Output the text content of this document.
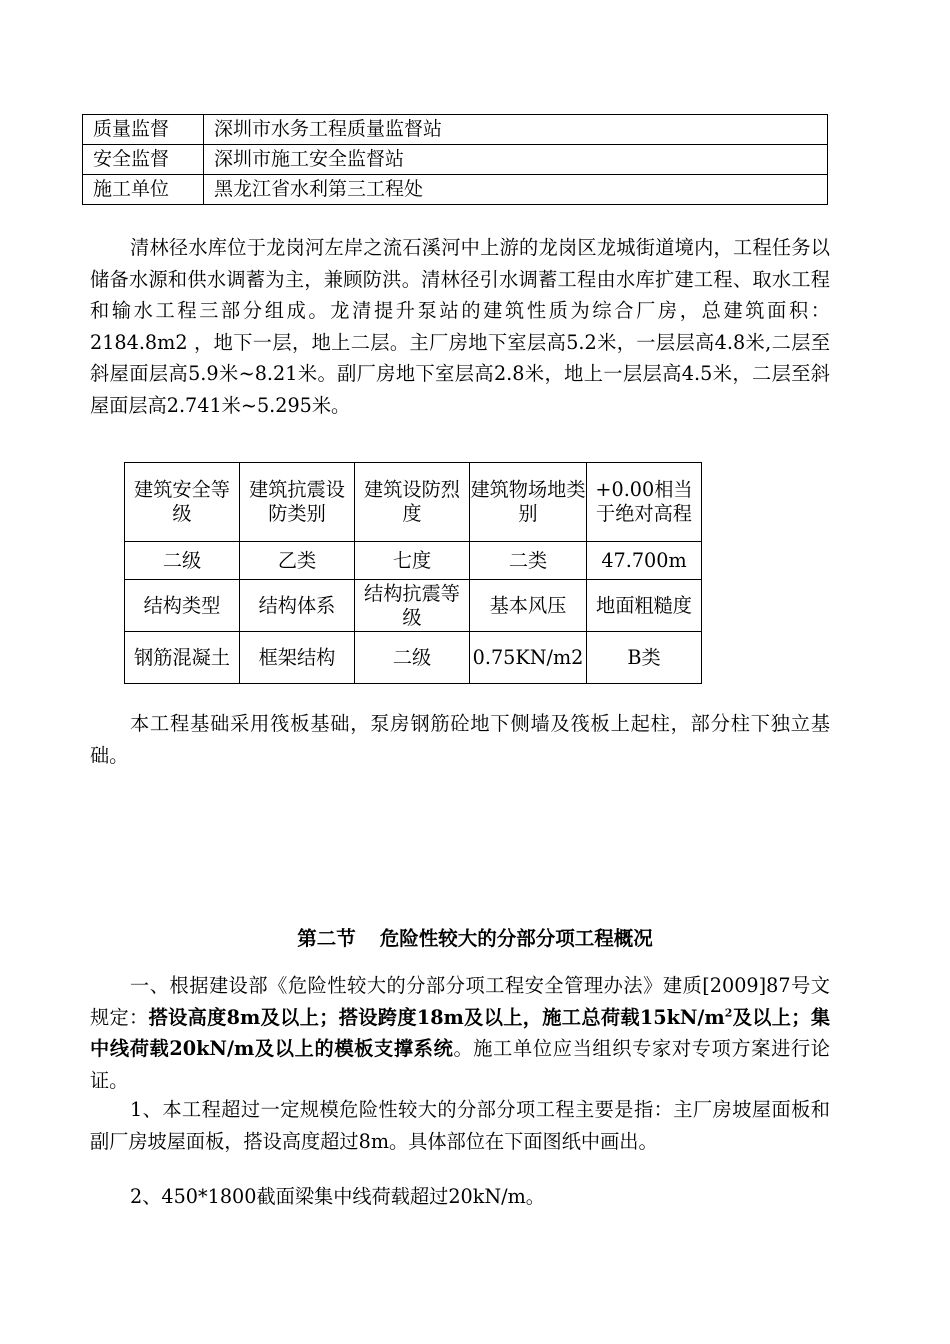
质量监督	深圳市水务工程质量监督站
安全监督	深圳市施工安全监督站
施工单位	黑龙江省水利第三工程处

清林径水库位于龙岗河左岸之流石溪河中上游的龙岗区龙城街道境内，工程任务以储备水源和供水调蓄为主，兼顾防洪。清林径引水调蓄工程由水库扩建工程、取水工程和输水工程三部分组成。龙清提升泵站的建筑性质为综合厂房，总建筑面积：2184.8m2 ，地下一层，地上二层。主厂房地下室层高5.2米，一层层高4.8米,二层至斜屋面层高5.9米~8.21米。副厂房地下室层高2.8米，地上一层层高4.5米，二层至斜屋面层高2.741米~5.295米。

建筑安全等级	建筑抗震设防类别	建筑设防烈度	建筑物场地类别	+0.00相当于绝对高程
二级	乙类	七度	二类	47.700m
结构类型	结构体系	结构抗震等级	基本风压	地面粗糙度
钢筋混凝土	框架结构	二级	0.75KN/m2	B类

本工程基础采用筏板基础，泵房钢筋砼地下侧墙及筏板上起柱，部分柱下独立基础。

第二节 危险性较大的分部分项工程概况

一、根据建设部《危险性较大的分部分项工程安全管理办法》建质[2009]87号文规定：搭设高度8m及以上；搭设跨度18m及以上，施工总荷载$15kN/m^2$及以上；集中线荷载20kN/m及以上的模板支撑系统。施工单位应当组织专家对专项方案进行论证。

1、本工程超过一定规模危险性较大的分部分项工程主要是指：主厂房坡屋面板和副厂房坡屋面板，搭设高度超过8m。具体部位在下面图纸中画出。

2、450*1800截面梁集中线荷载超过20kN/m。
